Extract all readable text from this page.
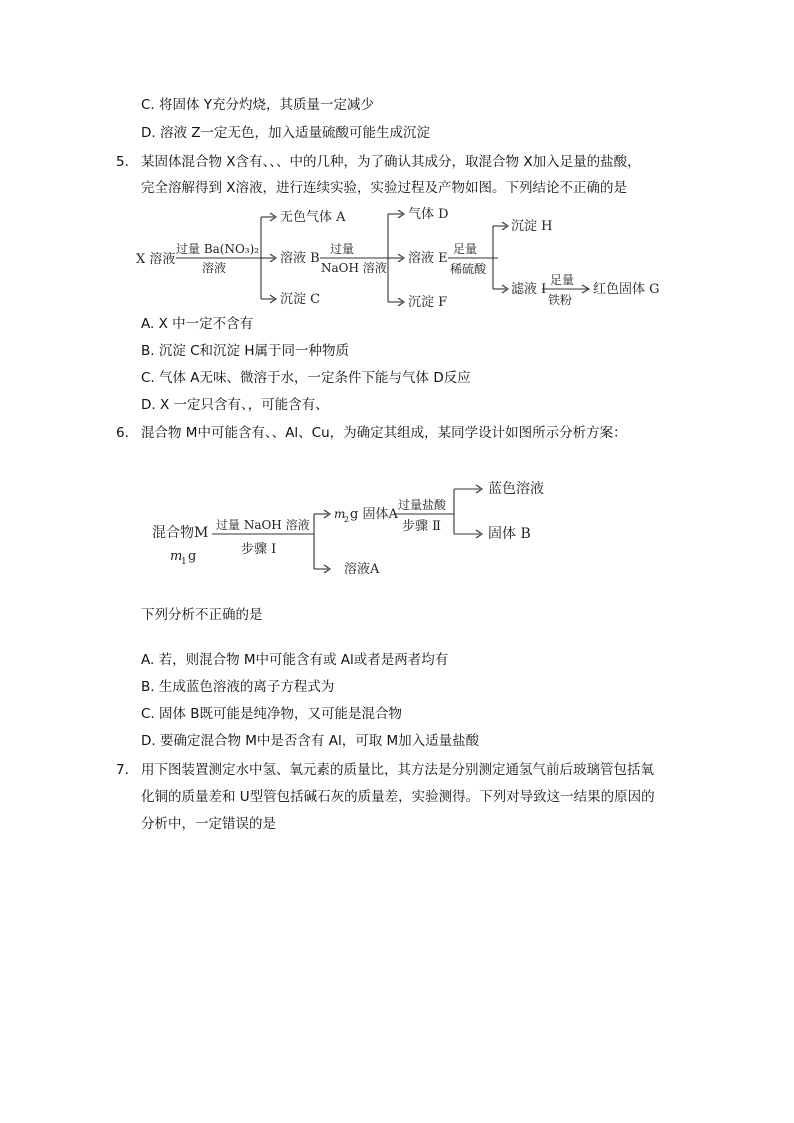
C. 将固体 Y充分灼烧，其质量一定减少
D. 溶液 Z一定无色，加入适量硫酸可能生成沉淀
5. 某固体混合物 X含有、、、中的几种，为了确认其成分，取混合物 X加入足量的盐酸，
完全溶解得到 X溶液，进行连续实验，实验过程及产物如图。下列结论不正确的是
X 溶液
过量 Ba(NO₃)₂
溶液
无色气体 A
溶液 B
沉淀 C
过量
NaOH 溶液
气体 D
溶液 E
沉淀 F
足量
稀硫酸
沉淀 H
滤液 I
足量
铁粉
红色固体 G
A. X 中一定不含有
B. 沉淀 C和沉淀 H属于同一种物质
C. 气体 A无味、微溶于水，一定条件下能与气体 D反应
D. X 一定只含有、，可能含有、
6. 混合物 M中可能含有、、Al、Cu，为确定其组成，某同学设计如图所示分析方案：
混合物M
m
1 g
过量 NaOH 溶液
步骤 Ⅰ
m
2 g 固体A
溶液A
过量盐酸
步骤 Ⅱ
蓝色溶液
固体 B
下列分析不正确的是
A. 若，则混合物 M中可能含有或 Al或者是两者均有
B. 生成蓝色溶液的离子方程式为
C. 固体 B既可能是纯净物，又可能是混合物
D. 要确定混合物 M中是否含有 Al，可取 M加入适量盐酸
7. 用下图装置测定水中氢、氧元素的质量比，其方法是分别测定通氢气前后玻璃管包括氧
化铜的质量差和 U型管包括碱石灰的质量差，实验测得。下列对导致这一结果的原因的
分析中，一定错误的是
